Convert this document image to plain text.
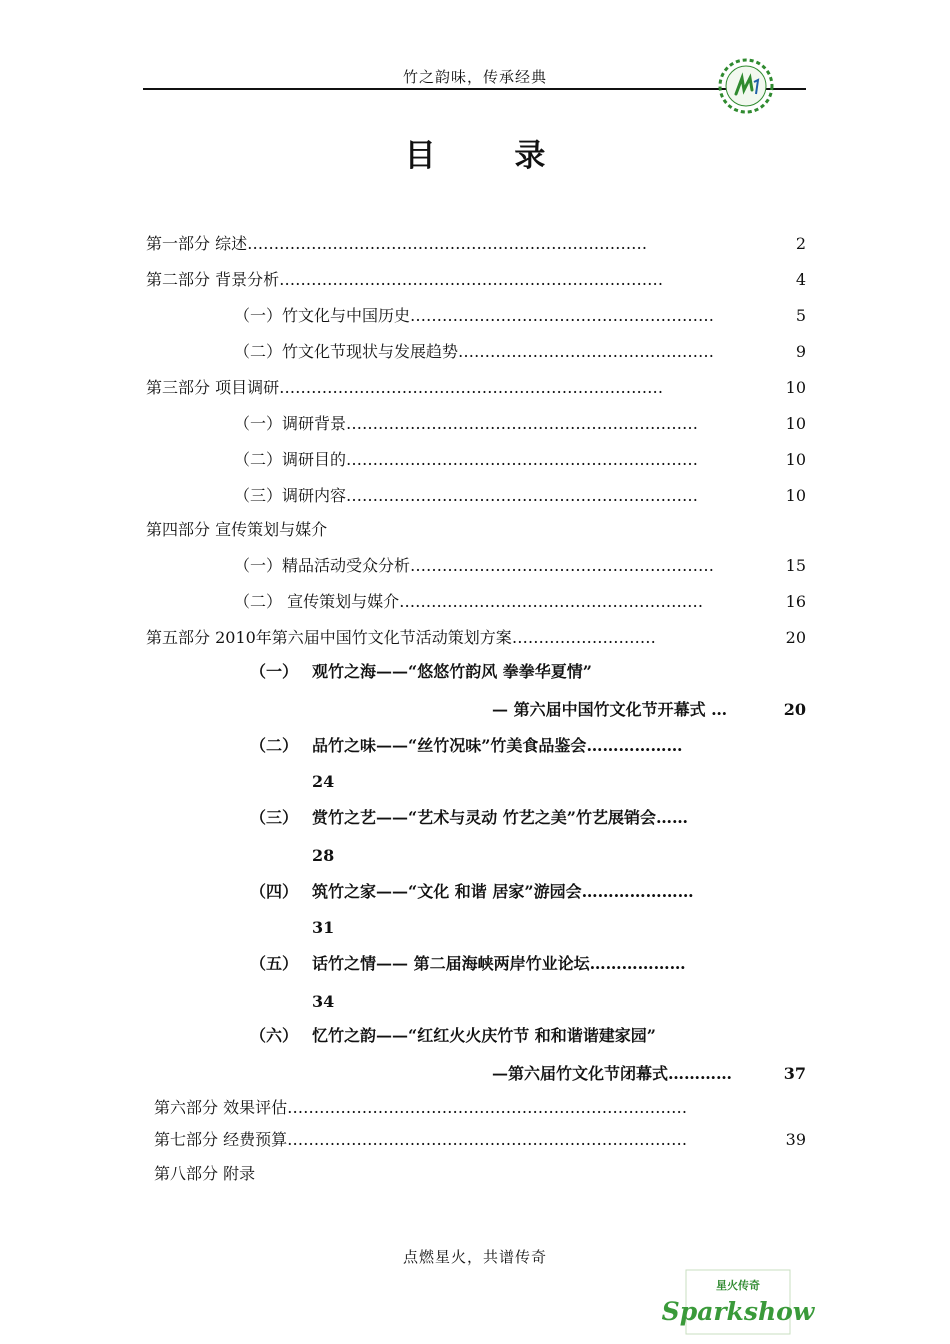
竹之韵味，传承经典
目 录
第一部分 综述…………………………………………………………………	2
第二部分 背景分析………………………………………………………………	4
（一）竹文化与中国历史…………………………………………………	5
（二）竹文化节现状与发展趋势…………………………………………	9
第三部分 项目调研………………………………………………………………	10
（一）调研背景…………………………………………………………	10
（二）调研目的…………………………………………………………	10
（三）调研内容…………………………………………………………	10
第四部分 宣传策划与媒介
（一）精品活动受众分析…………………………………………………	15
（二） 宣传策划与媒介…………………………………………………	16
第五部分 2010年第六届中国竹文化节活动策划方案………………………	20
（一） 观竹之海——“悠悠竹韵风 拳拳华夏情”
— 第六届中国竹文化节开幕式 …	20
（二） 品竹之味——“丝竹况味”竹美食品鉴会………………
24
（三） 赏竹之艺——“艺术与灵动 竹艺之美”竹艺展销会……
28
（四） 筑竹之家——“文化 和谐 居家”游园会…………………
31
（五） 话竹之情—— 第二届海峡两岸竹业论坛………………
34
（六） 忆竹之韵——“红红火火庆竹节 和和谐谐建家园”
—第六届竹文化节闭幕式…………	37
第六部分 效果评估…………………………………………………………………
第七部分 经费预算…………………………………………………………………	39
第八部分 附录
点燃星火，共谱传奇
星火传奇
Sparkshow
